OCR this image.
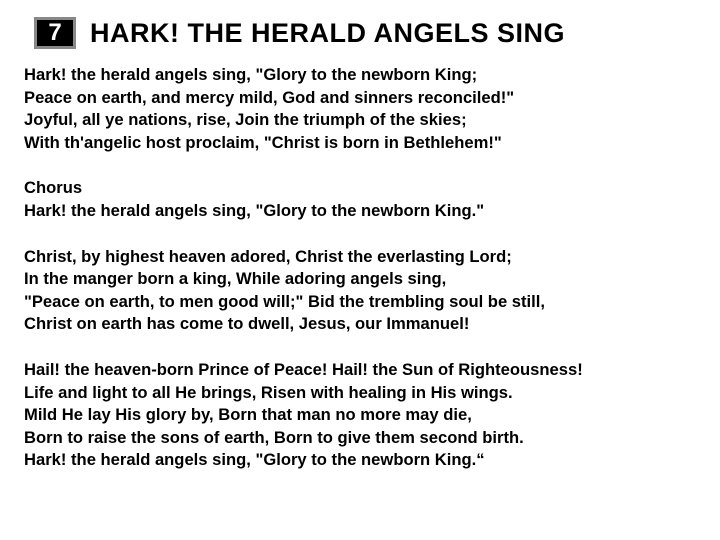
7	HARK! THE HERALD ANGELS SING
Hark! the herald angels sing, "Glory to the newborn King;
Peace on earth, and mercy mild, God and sinners reconciled!"
Joyful, all ye nations, rise, Join the triumph of the skies;
With th'angelic host proclaim, "Christ is born in Bethlehem!"
Chorus
Hark! the herald angels sing, "Glory to the newborn King."
Christ, by highest heaven adored, Christ the everlasting Lord;
In the manger born a king, While adoring angels sing,
"Peace on earth, to men good will;" Bid the trembling soul be still,
Christ on earth has come to dwell, Jesus, our Immanuel!
Hail! the heaven-born Prince of Peace! Hail! the Sun of Righteousness!
Life and light to all He brings, Risen with healing in His wings.
Mild He lay His glory by, Born that man no more may die,
Born to raise the sons of earth, Born to give them second birth.
Hark! the herald angels sing, "Glory to the newborn King.“
